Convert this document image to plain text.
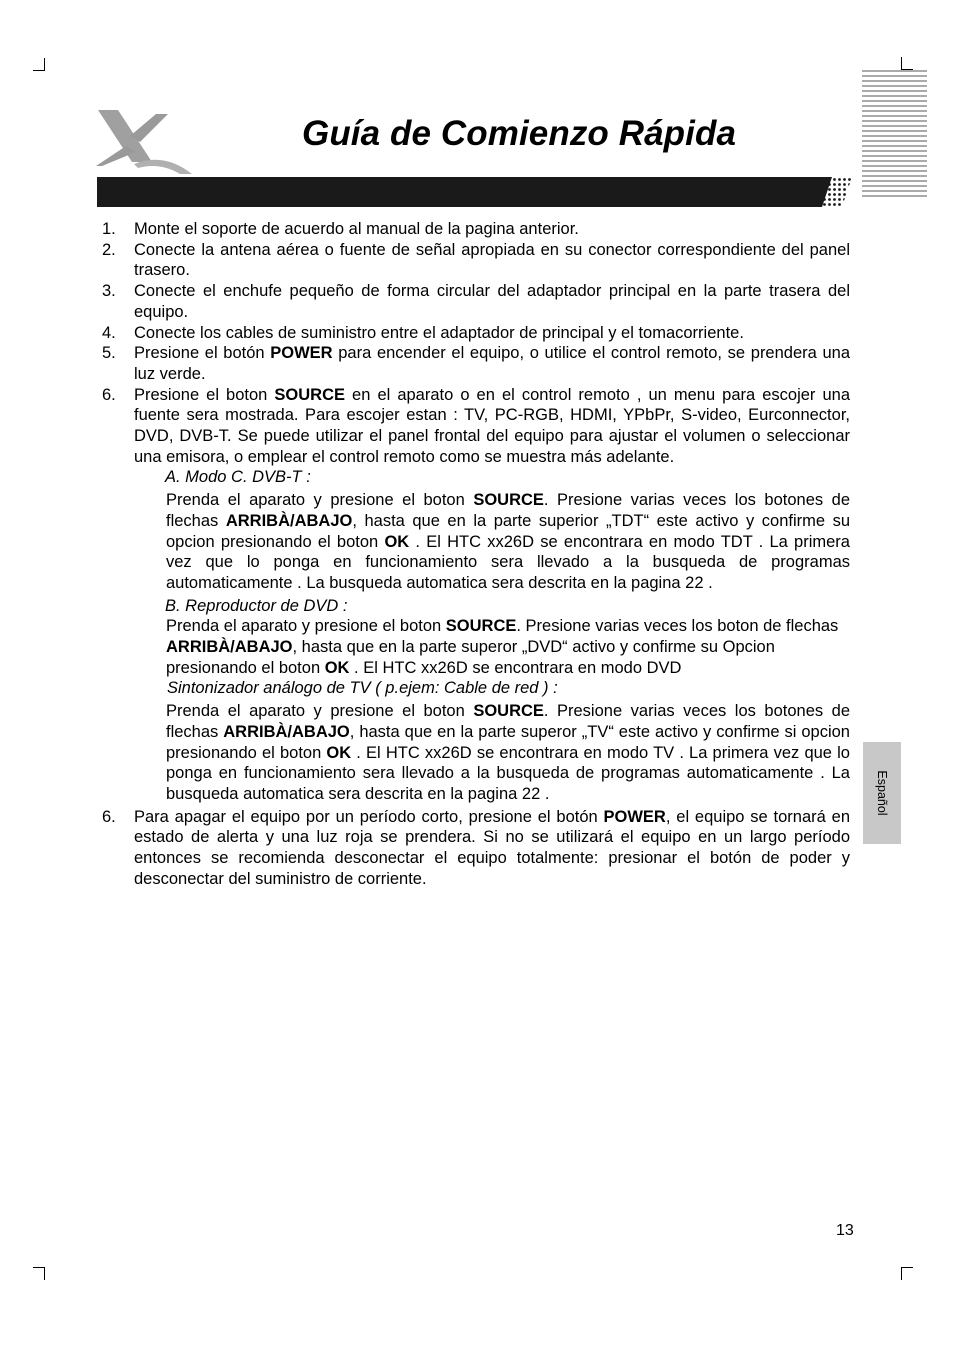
Guía de Comienzo Rápida
1. Monte el soporte de acuerdo al manual de la pagina anterior.
2. Conecte la antena aérea o fuente de señal apropiada en su conector correspondiente del panel trasero.
3. Conecte el enchufe pequeño de forma circular del adaptador principal en la parte trasera del equipo.
4. Conecte los cables de suministro entre el adaptador de principal y el tomacorriente.
5. Presione el botón POWER para encender el equipo, o utilice el control remoto, se prendera una luz verde.
6. Presione el boton SOURCE en el aparato o en el control remoto , un menu para escojer una fuente sera mostrada. Para escojer estan : TV, PC-RGB, HDMI, YPbPr, S-video, Eurconnector, DVD, DVB-T. Se puede utilizar el panel frontal del equipo para ajustar el volumen o seleccionar una emisora, o emplear el control remoto como se muestra más adelante.
A. Modo C. DVB-T :
Prenda el aparato y presione el boton SOURCE. Presione varias veces los botones de flechas ARRIBÀ/ABAJO, hasta que en la parte superior „TDT“ este activo y confirme su opcion presionando el boton OK . El HTC xx26D se encontrara en modo TDT . La primera vez que lo ponga en funcionamiento sera llevado a la busqueda de programas automaticamente . La busqueda automatica sera descrita en la pagina 22 .
B. Reproductor de DVD :
Prenda el aparato y presione el boton SOURCE. Presione varias veces los boton de flechas ARRIBÀ/ABAJO, hasta que en la parte superor „DVD“ activo y confirme su Opcion presionando el boton OK . El HTC xx26D se encontrara en modo DVD
Sintonizador análogo de TV ( p.ejem: Cable de red ) :
Prenda el aparato y presione el boton SOURCE. Presione varias veces los botones de flechas ARRIBÀ/ABAJO, hasta que en la parte superor „TV“ este activo y confirme si opcion presionando el boton OK . El HTC xx26D se encontrara en modo TV . La primera vez que lo ponga en funcionamiento sera llevado a la busqueda de programas automaticamente . La busqueda automatica sera descrita en la pagina 22 .
6. Para apagar el equipo por un período corto, presione el botón POWER, el equipo se tornará en estado de alerta y una luz roja se prendera. Si no se utilizará el equipo en un largo período entonces se recomienda desconectar el equipo totalmente: presionar el botón de poder y desconectar del suministro de corriente.
Español
13
